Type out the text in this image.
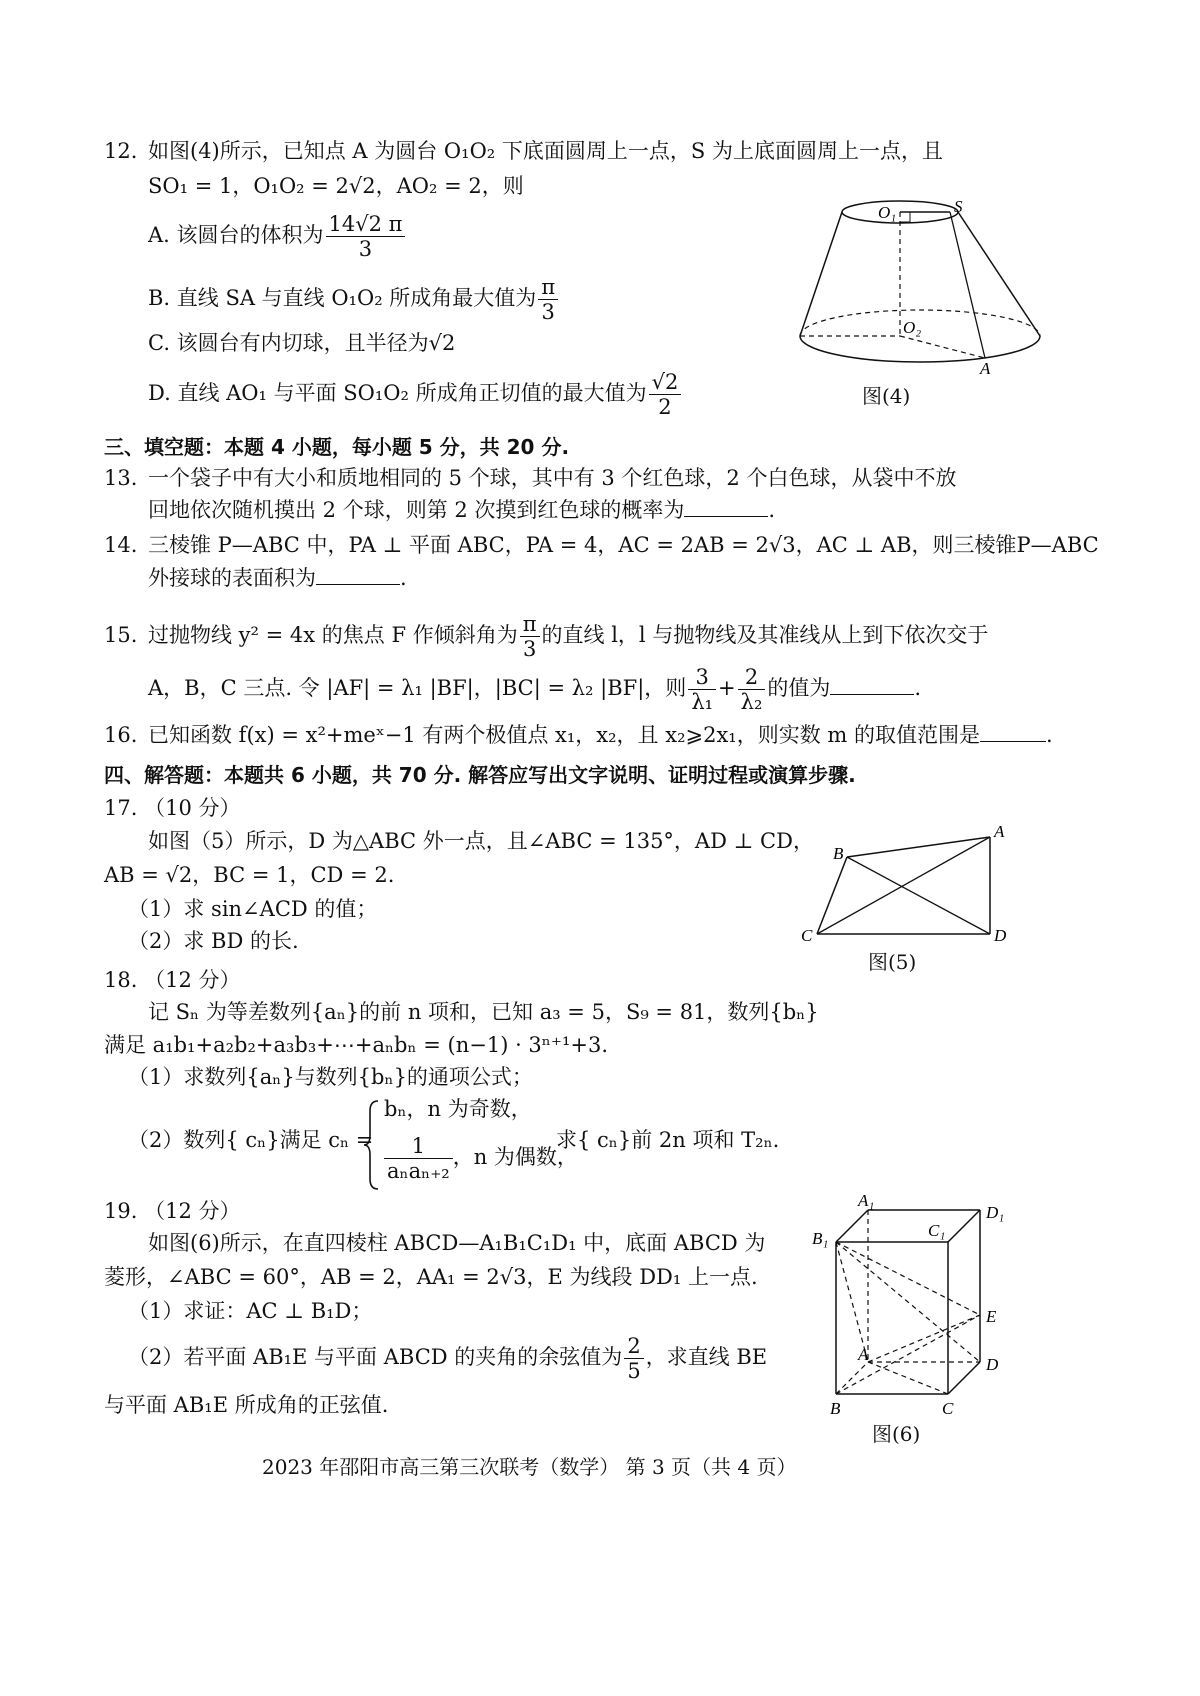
12. 如图(4)所示，已知点 A 为圆台 O₁O₂ 下底面圆周上一点，S 为上底面圆周上一点，且
SO₁ = 1，O₁O₂ = 2√2，AO₂ = 2，则
A. 该圆台的体积为 $\frac{14√2 \pi}{3}$
B. 直线 SA 与直线 O₁O₂ 所成角最大值为 $\frac{\pi}{3}$
C. 该圆台有内切球，且半径为√2
D. 直线 AO₁ 与平面 SO₁O₂ 所成角正切值的最大值为 $\frac{√2}{2}$
O₁	S
O₂
A
图(4)
三、填空题：本题 4 小题，每小题 5 分，共 20 分.
13. 一个袋子中有大小和质地相同的 5 个球，其中有 3 个红色球，2 个白色球，从袋中不放
回地依次随机摸出 2 个球，则第 2 次摸到红色球的概率为	.
14. 三棱锥 P—ABC 中，PA ⊥ 平面 ABC，PA = 4，AC = 2AB = 2√3，AC ⊥ AB，则三棱锥P—ABC
外接球的表面积为	.
15. 过抛物线 y² = 4x 的焦点 F 作倾斜角为 $\frac{\pi}{3}$ 的直线 l，l 与抛物线及其准线从上到下依次交于
A，B，C 三点. 令 |AF| = λ₁ |BF|，|BC| = λ₂ |BF|，则 $\frac{3}{\text{λ₁}} + \frac{2}{\text{λ₂}}$ 的值为	.
16. 已知函数 f(x) = x²+meˣ−1 有两个极值点 x₁，x₂，且 x₂⩾2x₁，则实数 m 的取值范围是	.
四、解答题：本题共 6 小题，共 70 分. 解答应写出文字说明、证明过程或演算步骤.
17. （10 分）
如图（5）所示，D 为△ABC 外一点，且∠ABC = 135°，AD ⊥ CD，
AB = √2，BC = 1，CD = 2.
（1）求 sin∠ACD 的值；
（2）求 BD 的长.
A
B
C	D
图(5)
18. （12 分）
记 Sₙ 为等差数列{aₙ}的前 n 项和，已知 a₃ = 5，S₉ = 81，数列{bₙ}
满足 a₁b₁+a₂b₂+a₃b₃+⋯+aₙbₙ = (n−1) · 3ⁿ⁺¹+3.
（1）求数列{aₙ}与数列{bₙ}的通项公式；
（2）数列{ cₙ}满足 cₙ =
bₙ，n 为奇数，
$\frac{1}{\text{aₙaₙ₊₂}}$ ，n 为偶数，
求{ cₙ}前 2n 项和 T₂ₙ.
19. （12 分）
如图(6)所示，在直四棱柱 ABCD—A₁B₁C₁D₁ 中，底面 ABCD 为
菱形，∠ABC = 60°，AB = 2，AA₁ = 2√3，E 为线段 DD₁ 上一点.
（1）求证：AC ⊥ B₁D；
（2）若平面 AB₁E 与平面 ABCD 的夹角的余弦值为 $\frac{2}{5}$ ，求直线 BE
与平面 AB₁E 所成角的正弦值.
A₁
D₁
B₁	C₁
E
A
D
B	C
图(6)
2023 年邵阳市高三第三次联考（数学） 第 3 页（共 4 页）
